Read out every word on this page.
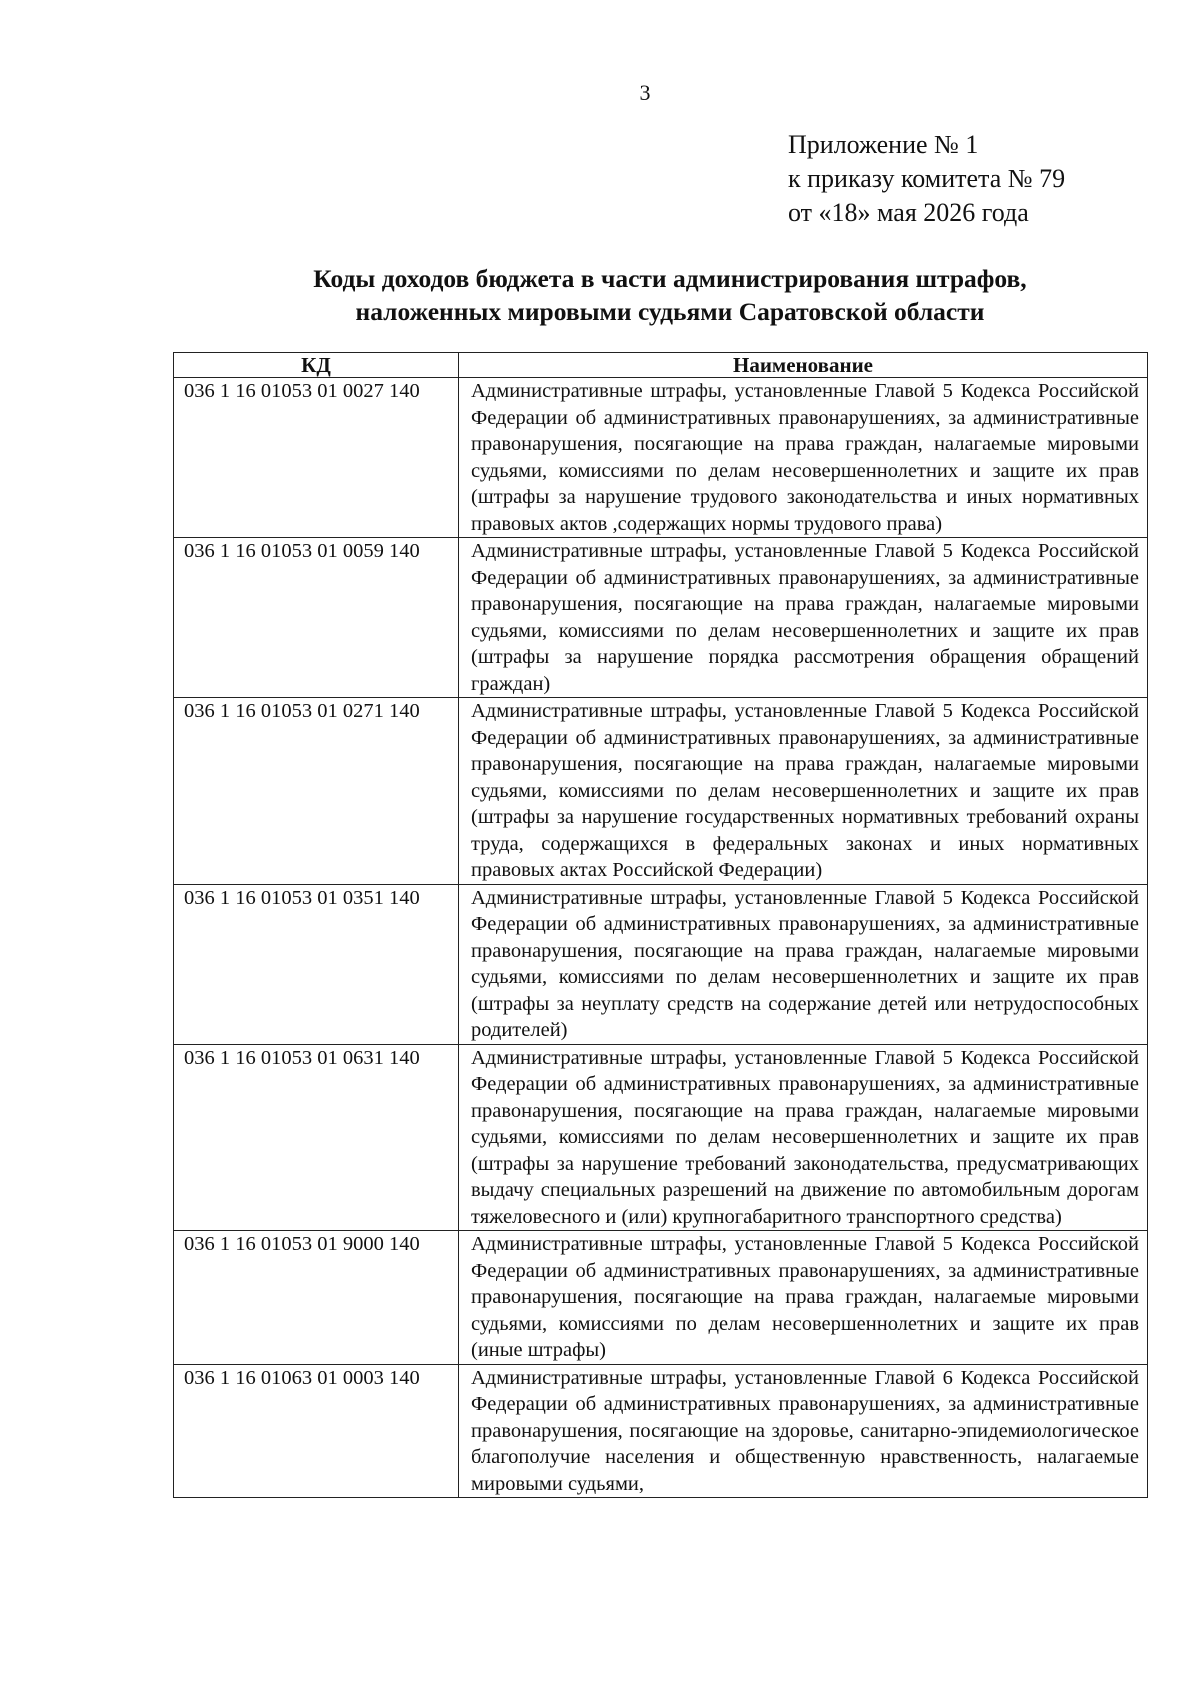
3
Приложение № 1
к приказу комитета № 79
от «18» мая 2026 года
Коды доходов бюджета в части администрирования штрафов,
наложенных мировыми судьями Саратовской области
КД	Наименование
036 1 16 01053 01 0027 140	Административные штрафы, установленные Главой 5 Кодекса Российской Федерации об административных правонарушениях, за административные правонарушения, посягающие на права граждан, налагаемые мировыми судьями, комиссиями по делам несовершеннолетних и защите их прав (штрафы за нарушение трудового законодательства и иных нормативных правовых актов ,содержащих нормы трудового права)
036 1 16 01053 01 0059 140	Административные штрафы, установленные Главой 5 Кодекса Российской Федерации об административных правонарушениях, за административные правонарушения, посягающие на права граждан, налагаемые мировыми судьями, комиссиями по делам несовершеннолетних и защите их прав (штрафы за нарушение порядка рассмотрения обращения обращений граждан)
036 1 16 01053 01 0271 140	Административные штрафы, установленные Главой 5 Кодекса Российской Федерации об административных правонарушениях, за административные правонарушения, посягающие на права граждан, налагаемые мировыми судьями, комиссиями по делам несовершеннолетних и защите их прав (штрафы за нарушение государственных нормативных требований охраны труда, содержащихся в федеральных законах и иных нормативных правовых актах Российской Федерации)
036 1 16 01053 01 0351 140	Административные штрафы, установленные Главой 5 Кодекса Российской Федерации об административных правонарушениях, за административные правонарушения, посягающие на права граждан, налагаемые мировыми судьями, комиссиями по делам несовершеннолетних и защите их прав (штрафы за неуплату средств на содержание детей или нетрудоспособных родителей)
036 1 16 01053 01 0631 140	Административные штрафы, установленные Главой 5 Кодекса Российской Федерации об административных правонарушениях, за административные правонарушения, посягающие на права граждан, налагаемые мировыми судьями, комиссиями по делам несовершеннолетних и защите их прав (штрафы за нарушение требований законодательства, предусматривающих выдачу специальных разрешений на движение по автомобильным дорогам тяжеловесного и (или) крупногабаритного транспортного средства)
036 1 16 01053 01 9000 140	Административные штрафы, установленные Главой 5 Кодекса Российской Федерации об административных правонарушениях, за административные правонарушения, посягающие на права граждан, налагаемые мировыми судьями, комиссиями по делам несовершеннолетних и защите их прав (иные штрафы)
036 1 16 01063 01 0003 140	Административные штрафы, установленные Главой 6 Кодекса Российской Федерации об административных правонарушениях, за административные правонарушения, посягающие на здоровье, санитарно-эпидемиологическое благополучие населения и общественную нравственность, налагаемые мировыми судьями,
